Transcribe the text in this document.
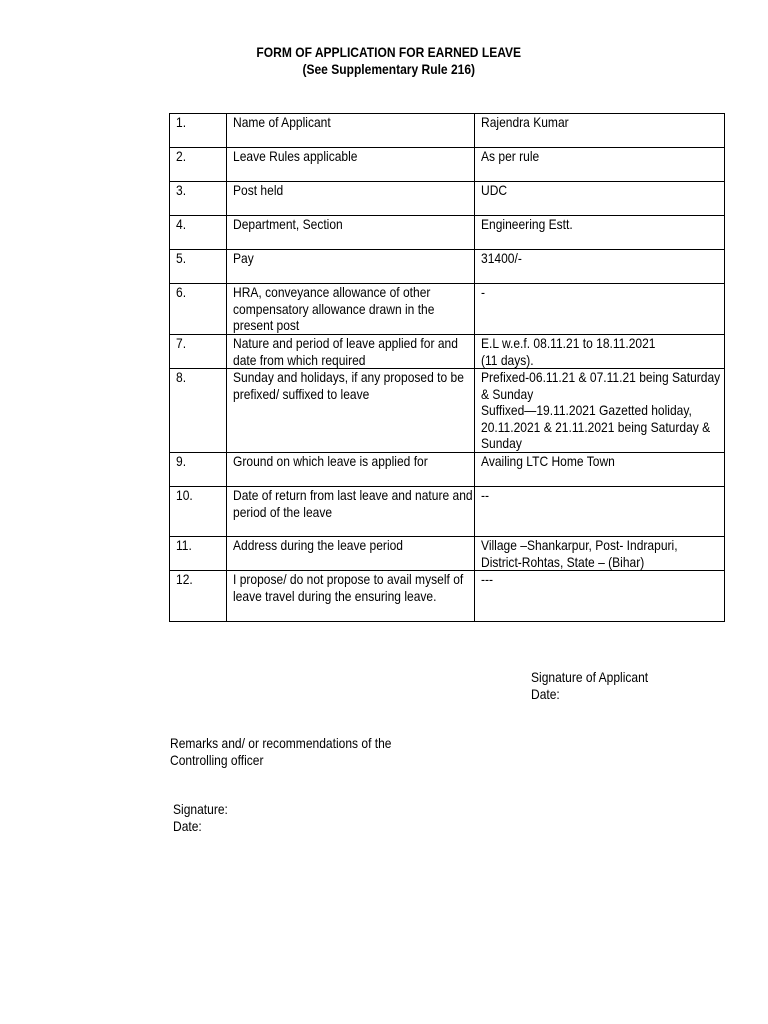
FORM OF APPLICATION FOR EARNED LEAVE
(See Supplementary Rule 216)
1.	Name of Applicant	Rajendra Kumar

2.	Leave Rules applicable	As per rule

3.	Post held	UDC

4.	Department, Section	Engineering Estt.

5.	Pay	31400/-

6.	HRA, conveyance allowance of other compensatory allowance drawn in the present post	-

7.	Nature and period of leave applied for and date from which required	E.L w.e.f. 08.11.21 to 18.11.2021
(11 days).

8.	Sunday and holidays, if any proposed to be prefixed/ suffixed to leave	Prefixed-06.11.21 & 07.11.21 being Saturday & Sunday
Suffixed—19.11.2021 Gazetted holiday, 20.11.2021 & 21.11.2021 being Saturday & Sunday

9.	Ground on which leave is applied for	Availing LTC Home Town

10.	Date of return from last leave and nature and period of the leave	--

11.	Address during the leave period	Village –Shankarpur, Post- Indrapuri,
District-Rohtas, State – (Bihar)

12.	I propose/ do not propose to avail myself of leave travel during the ensuring leave.	---
Signature of Applicant
Date:
Remarks and/ or recommendations of the
Controlling officer
Signature:
Date:
